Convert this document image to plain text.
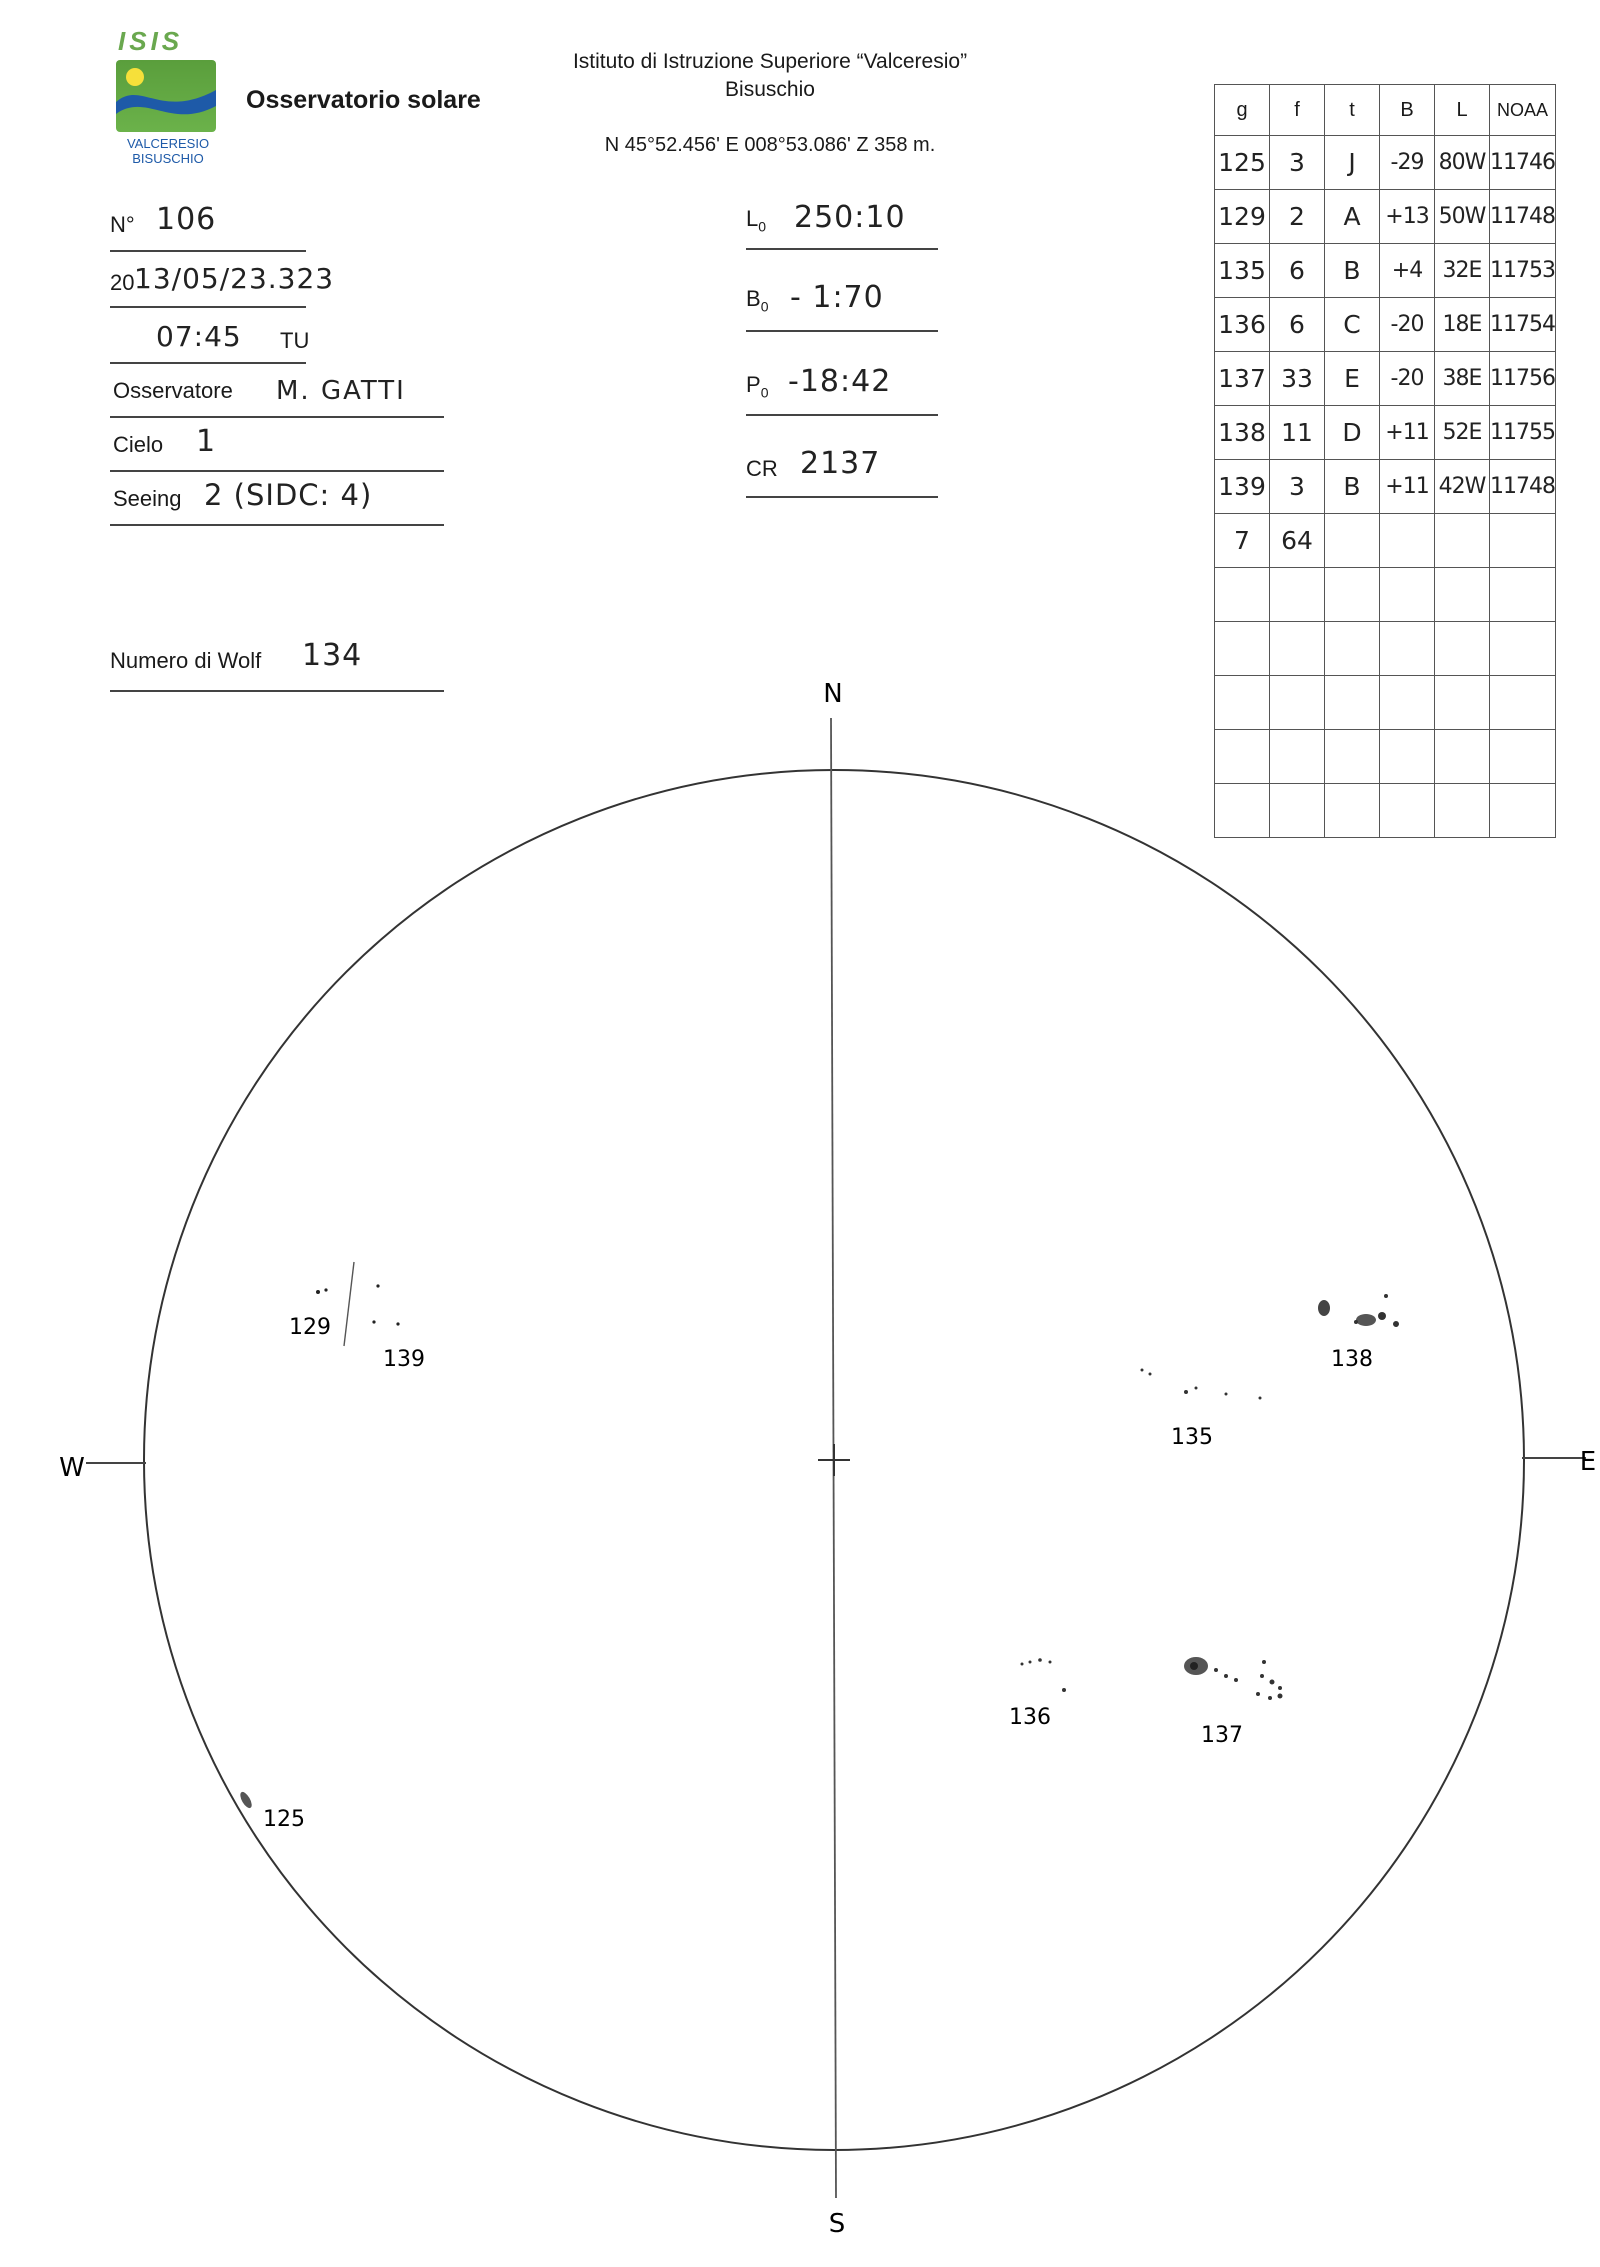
ISIS
VALCERESIO
BISUSCHIO
Osservatorio solare
Istituto di Istruzione Superiore “Valceresio”
Bisuschio
N 45°52.456' E 008°53.086' Z 358 m.
N° 106
20 13/05/23.323
07:45 TU
Osservatore M. GATTI
Cielo 1
Seeing 2 (SIDC: 4)
Numero di Wolf 134
$L_0$ 250:10
$B_0$ - 1:70
$P_0$ -18:42
CR 2137
g	f	t	B	L	NOAA
125	3	J	-29	80W	11746
129	2	A	+13	50W	11748
135	6	B	+4	32E	11753
136	6	C	-20	18E	11754
137	33	E	-20	38E	11756
138	11	D	+11	52E	11755
139	3	B	+11	42W	11748
7	64				

N
S
W	E
129
139	138
135
136
137
125
